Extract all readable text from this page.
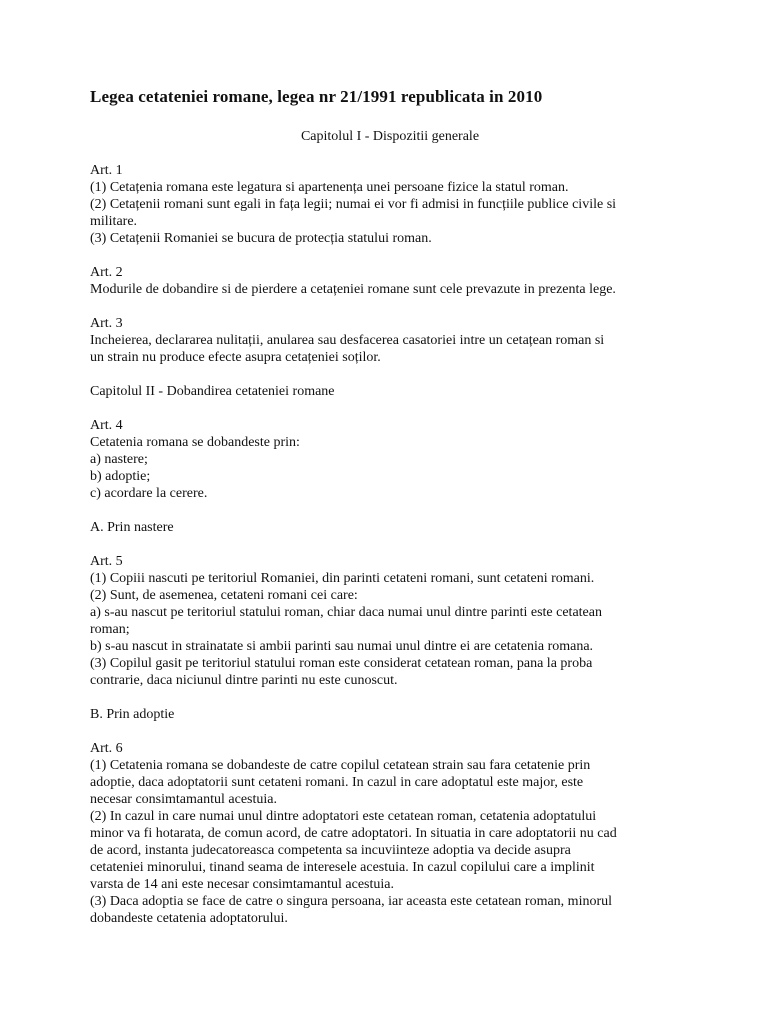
Legea cetateniei romane, legea nr 21/1991 republicata in 2010
Capitolul I - Dispozitii generale
Art. 1
(1) Cetațenia romana este legatura si apartenența unei persoane fizice la statul roman.
(2) Cetațenii romani sunt egali in fața legii; numai ei vor fi admisi in funcțiile publice civile si
militare.
(3) Cetațenii Romaniei se bucura de protecția statului roman.
Art. 2
Modurile de dobandire si de pierdere a cetațeniei romane sunt cele prevazute in prezenta lege.
Art. 3
Incheierea, declararea nulitații, anularea sau desfacerea casatoriei intre un cetațean roman si
un strain nu produce efecte asupra cetațeniei soților.
Capitolul II - Dobandirea cetateniei romane
Art. 4
Cetatenia romana se dobandeste prin:
a) nastere;
b) adoptie;
c) acordare la cerere.
A. Prin nastere
Art. 5
(1) Copiii nascuti pe teritoriul Romaniei, din parinti cetateni romani, sunt cetateni romani.
(2) Sunt, de asemenea, cetateni romani cei care:
a) s-au nascut pe teritoriul statului roman, chiar daca numai unul dintre parinti este cetatean
roman;
b) s-au nascut in strainatate si ambii parinti sau numai unul dintre ei are cetatenia romana.
(3) Copilul gasit pe teritoriul statului roman este considerat cetatean roman, pana la proba
contrarie, daca niciunul dintre parinti nu este cunoscut.
B. Prin adoptie
Art. 6
(1) Cetatenia romana se dobandeste de catre copilul cetatean strain sau fara cetatenie prin
adoptie, daca adoptatorii sunt cetateni romani. In cazul in care adoptatul este major, este
necesar consimtamantul acestuia.
(2) In cazul in care numai unul dintre adoptatori este cetatean roman, cetatenia adoptatului
minor va fi hotarata, de comun acord, de catre adoptatori. In situatia in care adoptatorii nu cad
de acord, instanta judecatoreasca competenta sa incuviinteze adoptia va decide asupra
cetateniei minorului, tinand seama de interesele acestuia. In cazul copilului care a implinit
varsta de 14 ani este necesar consimtamantul acestuia.
(3) Daca adoptia se face de catre o singura persoana, iar aceasta este cetatean roman, minorul
dobandeste cetatenia adoptatorului.
